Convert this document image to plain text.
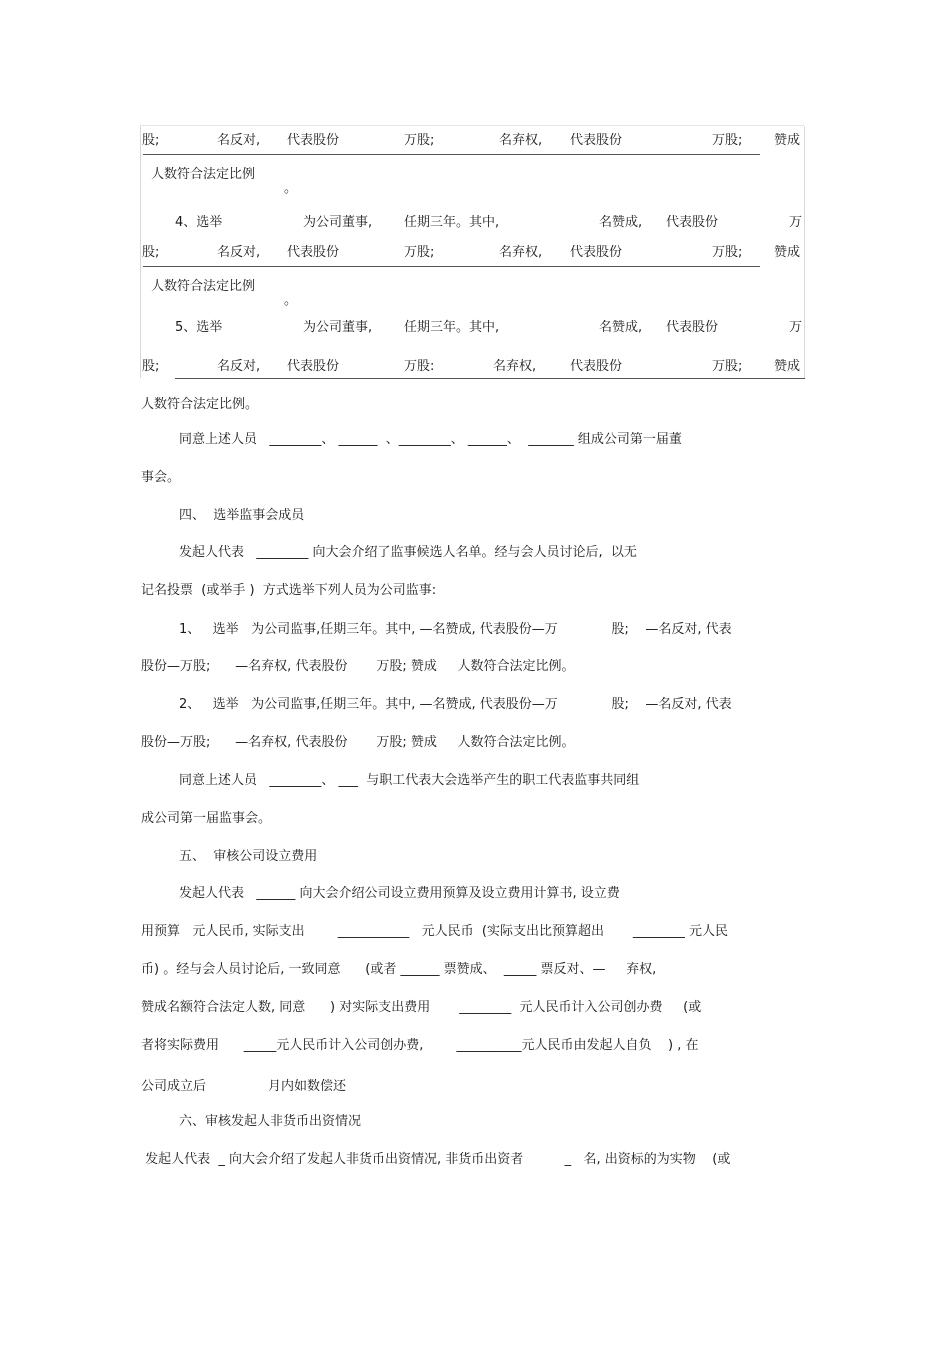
股;	名反对, 代表股份	万股;	名弃权, 代表股份	万股; 赞成
人数符合法定比例
。
4、选举	为公司董事, 任期三年。其中,	名赞成, 代表股份	万
股;	名反对, 代表股份	万股;	名弃权, 代表股份	万股; 赞成
人数符合法定比例
。
5、选举	为公司董事, 任期三年。其中,	名赞成, 代表股份	万
股;	名反对, 代表股份	万股:	名弃权,	代表股份	万股; 赞成
人数符合法定比例。
同意上述人员   ________、 ______  、________、 ______、  _______ 组成公司第一届董
事会。
四、  选举监事会成员
发起人代表   ________ 向大会介绍了监事候选人名单。经与会人员讨论后,  以无
记名投票  (或举手 )  方式选举下列人员为公司监事:
1、   选举   为公司监事,任期三年。其中, —名赞成, 代表股份—万             股;    —名反对, 代表
股份—万股;      —名弃权, 代表股份       万股; 赞成     人数符合法定比例。
2、   选举   为公司监事,任期三年。其中, —名赞成, 代表股份—万             股;    —名反对, 代表
股份—万股;      —名弃权, 代表股份       万股; 赞成     人数符合法定比例。
同意上述人员   ________、 ___  与职工代表大会选举产生的职工代表监事共同组
成公司第一届监事会。
五、  审核公司设立费用
发起人代表   ______ 向大会介绍公司设立费用预算及设立费用计算书, 设立费
用预算   元人民币, 实际支出        ___________   元人民币  (实际支出比预算超出       ________ 元人民
币) 。经与会人员讨论后, 一致同意      (或者 ______ 票赞成、  _____ 票反对、—     弃权,
赞成名额符合法定人数, 同意      ) 对实际支出费用       ________  元人民币计入公司创办费     (或
者将实际费用      _____元人民币计入公司创办费,        __________元人民币由发起人自负    ) , 在
公司成立后               月内如数偿还
六、审核发起人非货币出资情况
发起人代表  _ 向大会介绍了发起人非货币出资情况, 非货币出资者          _   名, 出资标的为实物    (或
